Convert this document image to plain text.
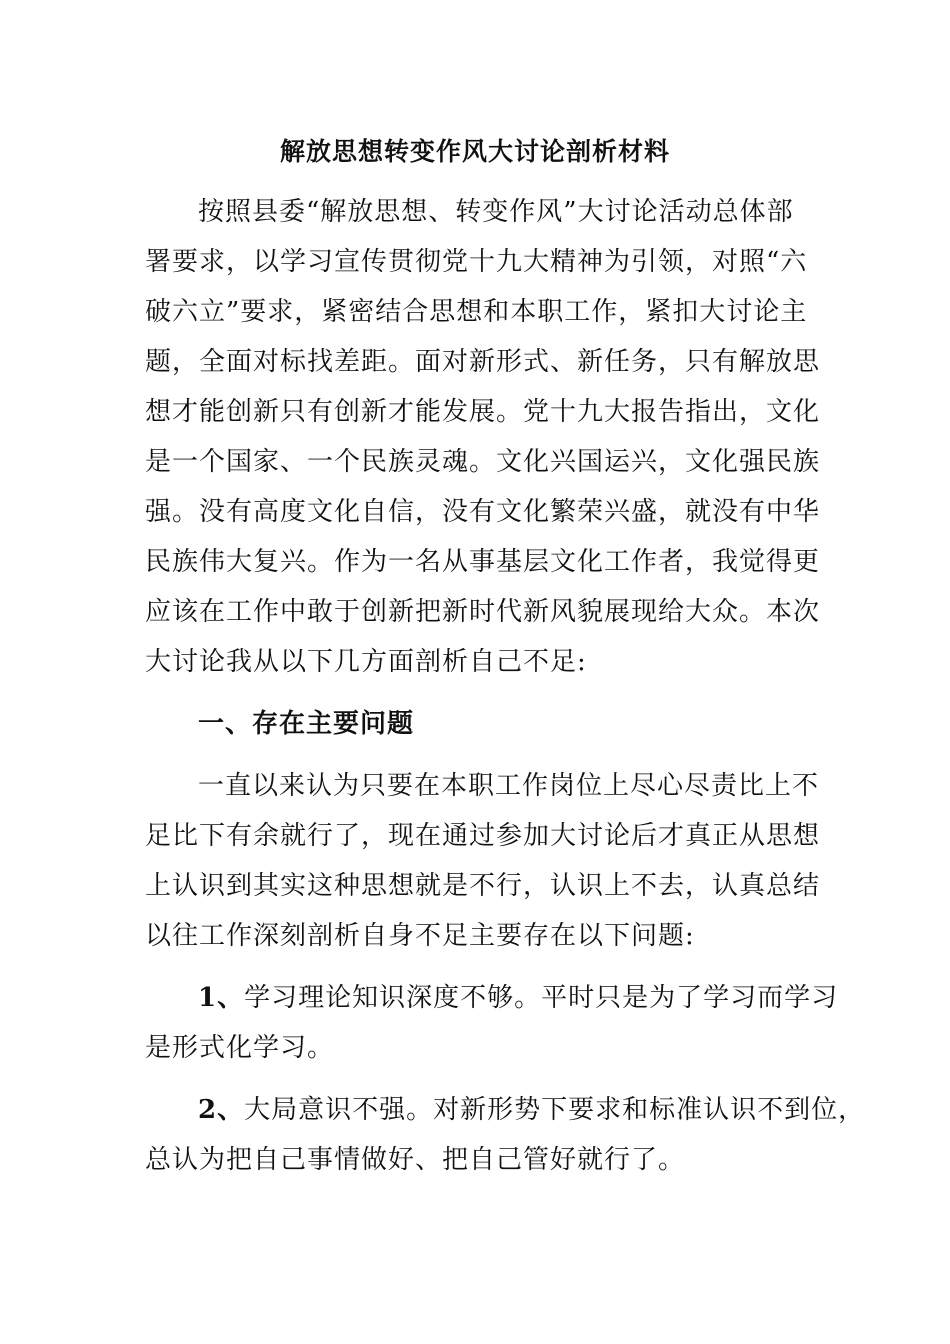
解放思想转变作风大讨论剖析材料
按照县委“解放思想、转变作风”大讨论活动总体部
署要求，以学习宣传贯彻党十九大精神为引领，对照“六
破六立”要求，紧密结合思想和本职工作，紧扣大讨论主
题，全面对标找差距。面对新形式、新任务，只有解放思
想才能创新只有创新才能发展。党十九大报告指出，文化
是一个国家、一个民族灵魂。文化兴国运兴，文化强民族
强。没有高度文化自信，没有文化繁荣兴盛，就没有中华
民族伟大复兴。作为一名从事基层文化工作者，我觉得更
应该在工作中敢于创新把新时代新风貌展现给大众。本次
大讨论我从以下几方面剖析自己不足:
一、存在主要问题
一直以来认为只要在本职工作岗位上尽心尽责比上不
足比下有余就行了，现在通过参加大讨论后才真正从思想
上认识到其实这种思想就是不行，认识上不去，认真总结
以往工作深刻剖析自身不足主要存在以下问题:
1、学习理论知识深度不够。平时只是为了学习而学习
是形式化学习。
2、大局意识不强。对新形势下要求和标准认识不到位，
总认为把自己事情做好、把自己管好就行了。
